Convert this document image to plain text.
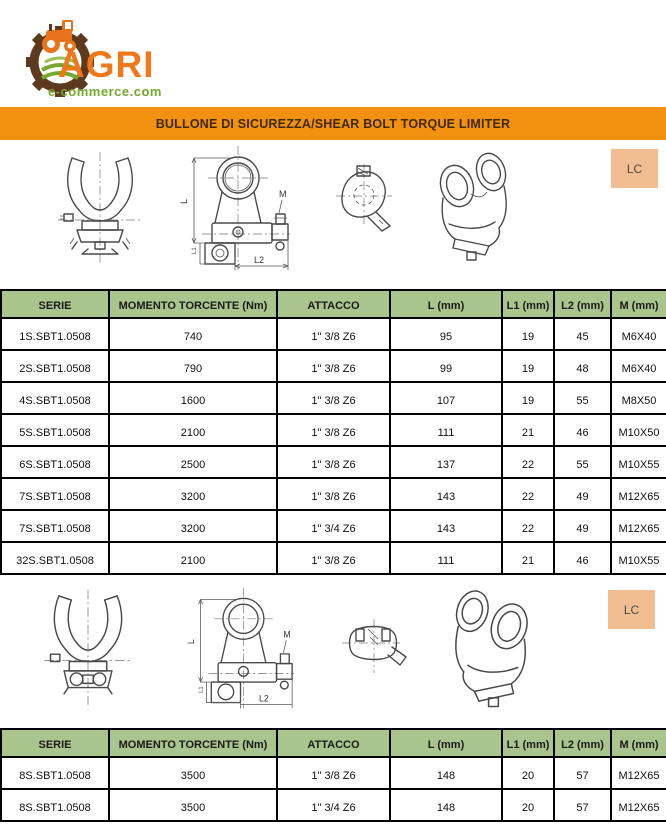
AGRI
e-commerce.com
BULLONE DI SICUREZZA/SHEAR BOLT TORQUE LIMITER
M
L
L1
L2
LC
SERIE	MOMENTO TORCENTE (Nm)	ATTACCO	L (mm)	L1 (mm)	L2 (mm)	M (mm)
1S.SBT1.0508	740	1" 3/8 Z6	95	19	45	M6X40
2S.SBT1.0508	790	1" 3/8 Z6	99	19	48	M6X40
4S.SBT1.0508	1600	1" 3/8 Z6	107	19	55	M8X50
5S.SBT1.0508	2100	1" 3/8 Z6	111	21	46	M10X50
6S.SBT1.0508	2500	1" 3/8 Z6	137	22	55	M10X55
7S.SBT1.0508	3200	1" 3/8 Z6	143	22	49	M12X65
7S.SBT1.0508	3200	1" 3/4 Z6	143	22	49	M12X65
32S.SBT1.0508	2100	1" 3/8 Z6	111	21	46	M10X55
M
L
L1
L2
LC
SERIE	MOMENTO TORCENTE (Nm)	ATTACCO	L (mm)	L1 (mm)	L2 (mm)	M (mm)
8S.SBT1.0508	3500	1" 3/8 Z6	148	20	57	M12X65
8S.SBT1.0508	3500	1" 3/4 Z6	148	20	57	M12X65
